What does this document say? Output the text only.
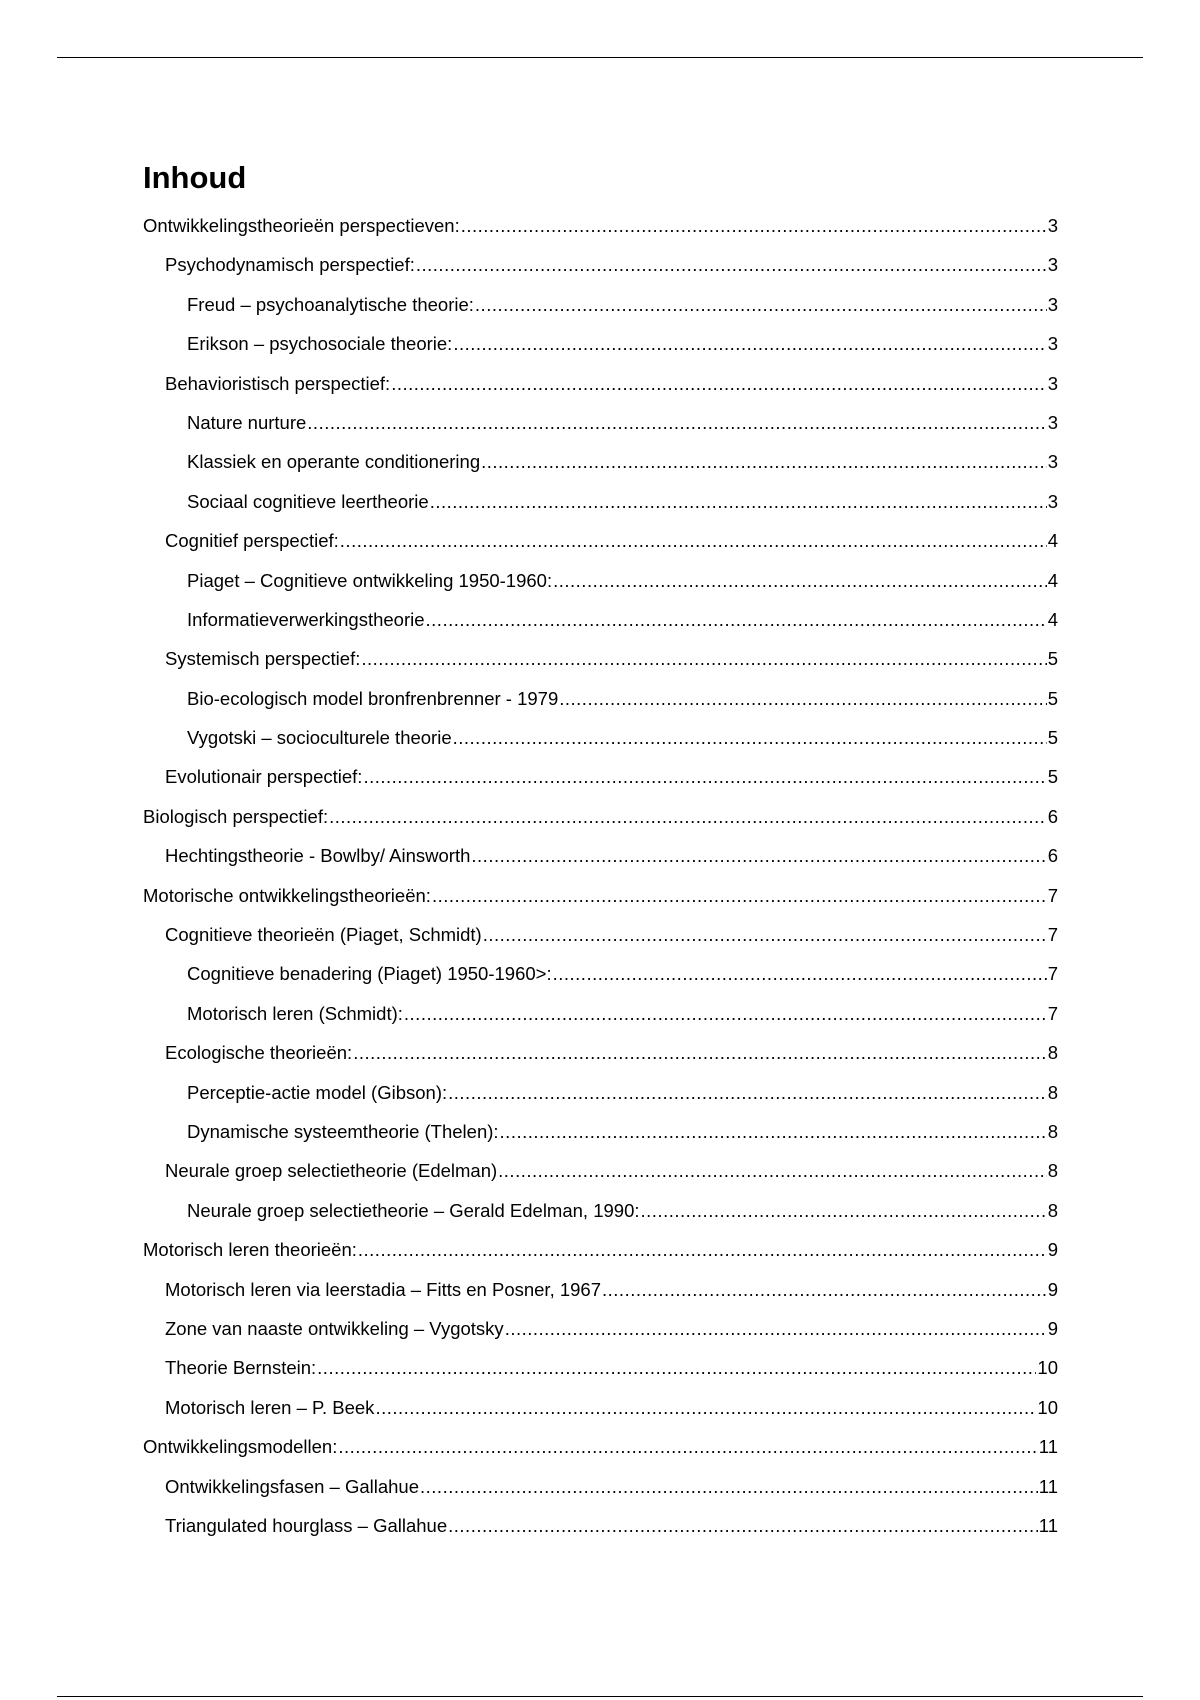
Inhoud
Ontwikkelingstheorieën perspectieven: .....	3
Psychodynamisch perspectief: .....	3
Freud – psychoanalytische theorie: .....	3
Erikson – psychosociale theorie: .....	3
Behavioristisch perspectief: .....	3
Nature nurture .....	3
Klassiek en operante conditionering .....	3
Sociaal cognitieve leertheorie .....	3
Cognitief perspectief: .....	4
Piaget – Cognitieve ontwikkeling 1950-1960: .....	4
Informatieverwerkingstheorie .....	4
Systemisch perspectief: .....	5
Bio-ecologisch model bronfrenbrenner - 1979 .....	5
Vygotski – socioculturele theorie .....	5
Evolutionair perspectief: .....	5
Biologisch perspectief: .....	6
Hechtingstheorie - Bowlby/ Ainsworth .....	6
Motorische ontwikkelingstheorieën: .....	7
Cognitieve theorieën (Piaget, Schmidt) .....	7
Cognitieve benadering (Piaget) 1950-1960>: .....	7
Motorisch leren (Schmidt): .....	7
Ecologische theorieën: .....	8
Perceptie-actie model (Gibson): .....	8
Dynamische systeemtheorie (Thelen): .....	8
Neurale groep selectietheorie (Edelman) .....	8
Neurale groep selectietheorie – Gerald Edelman, 1990: .....	8
Motorisch leren theorieën: .....	9
Motorisch leren via leerstadia – Fitts en Posner, 1967 .....	9
Zone van naaste ontwikkeling – Vygotsky .....	9
Theorie Bernstein: .....	10
Motorisch leren – P. Beek .....	10
Ontwikkelingsmodellen: .....	11
Ontwikkelingsfasen – Gallahue .....	11
Triangulated hourglass – Gallahue .....	11
